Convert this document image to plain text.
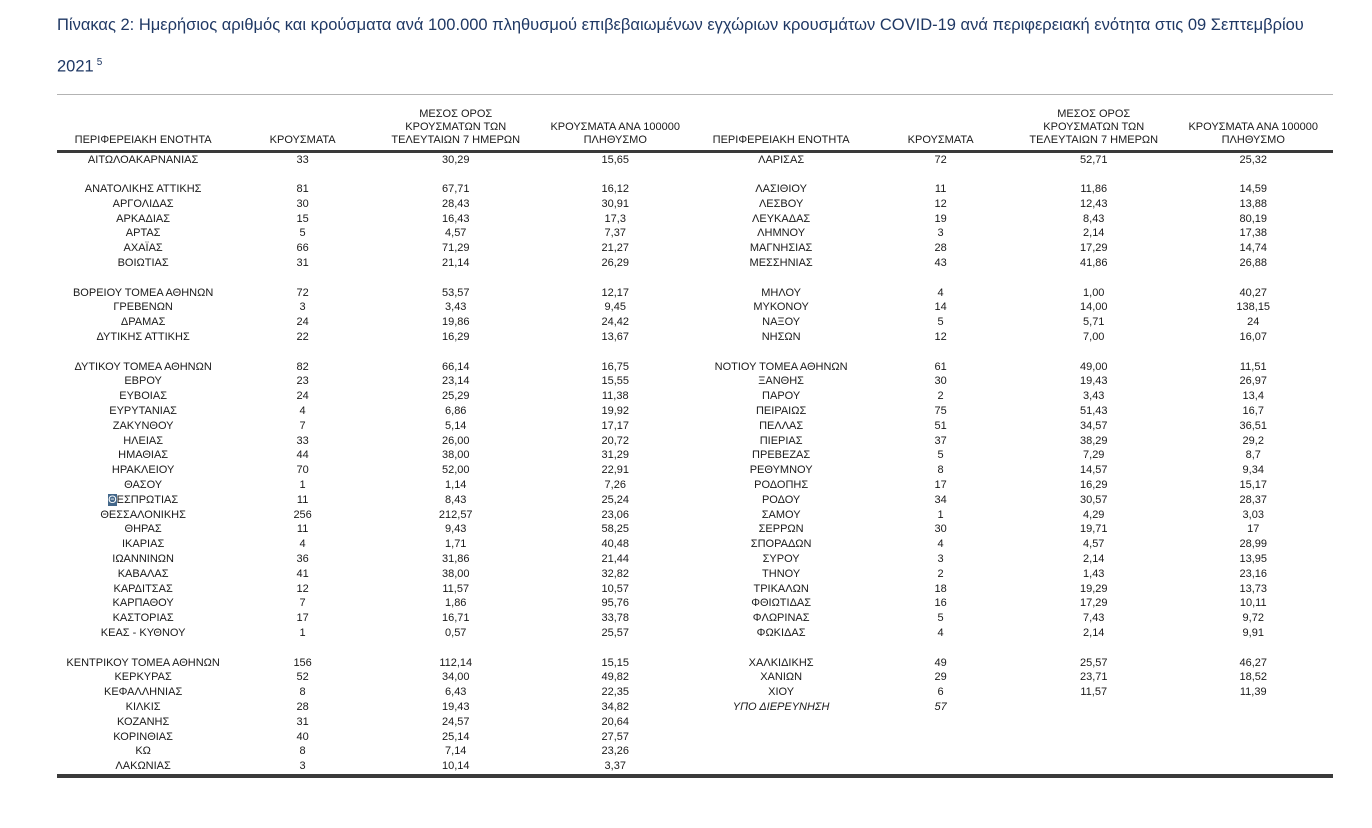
Πίνακας 2: Ημερήσιος αριθμός και κρούσματα ανά 100.000 πληθυσμού επιβεβαιωμένων εγχώριων κρουσμάτων COVID-19 ανά περιφερειακή ενότητα στις 09 Σεπτεμβρίου 2021 $^5$
ΠΕΡΙΦΕΡΕΙΑΚΗ ΕΝΟΤΗΤΑ	ΚΡΟΥΣΜΑΤΑ	ΜΕΣΟΣ ΟΡΟΣ ΚΡΟΥΣΜΑΤΩΝ ΤΩΝ ΤΕΛΕΥΤΑΙΩΝ 7 ΗΜΕΡΩΝ	ΚΡΟΥΣΜΑΤΑ ΑΝΑ 100000 ΠΛΗΘΥΣΜΟ
ΑΙΤΩΛΟΑΚΑΡΝΑΝΙΑΣ	33	30,29	15,65

ΑΝΑΤΟΛΙΚΗΣ ΑΤΤΙΚΗΣ	81	67,71	16,12
ΑΡΓΟΛΙΔΑΣ	30	28,43	30,91
ΑΡΚΑΔΙΑΣ	15	16,43	17,3
ΑΡΤΑΣ	5	4,57	7,37
ΑΧΑΪΑΣ	66	71,29	21,27
ΒΟΙΩΤΙΑΣ	31	21,14	26,29

ΒΟΡΕΙΟΥ ΤΟΜΕΑ ΑΘΗΝΩΝ	72	53,57	12,17
ΓΡΕΒΕΝΩΝ	3	3,43	9,45
ΔΡΑΜΑΣ	24	19,86	24,42
ΔΥΤΙΚΗΣ ΑΤΤΙΚΗΣ	22	16,29	13,67

ΔΥΤΙΚΟΥ ΤΟΜΕΑ ΑΘΗΝΩΝ	82	66,14	16,75
ΕΒΡΟΥ	23	23,14	15,55
ΕΥΒΟΙΑΣ	24	25,29	11,38
ΕΥΡΥΤΑΝΙΑΣ	4	6,86	19,92
ΖΑΚΥΝΘΟΥ	7	5,14	17,17
ΗΛΕΙΑΣ	33	26,00	20,72
ΗΜΑΘΙΑΣ	44	38,00	31,29
ΗΡΑΚΛΕΙΟΥ	70	52,00	22,91
ΘΑΣΟΥ	1	1,14	7,26
ΘΕΣΠΡΩΤΙΑΣ	11	8,43	25,24
ΘΕΣΣΑΛΟΝΙΚΗΣ	256	212,57	23,06
ΘΗΡΑΣ	11	9,43	58,25
ΙΚΑΡΙΑΣ	4	1,71	40,48
ΙΩΑΝΝΙΝΩΝ	36	31,86	21,44
ΚΑΒΑΛΑΣ	41	38,00	32,82
ΚΑΡΔΙΤΣΑΣ	12	11,57	10,57
ΚΑΡΠΑΘΟΥ	7	1,86	95,76
ΚΑΣΤΟΡΙΑΣ	17	16,71	33,78
ΚΕΑΣ - ΚΥΘΝΟΥ	1	0,57	25,57

ΚΕΝΤΡΙΚΟΥ ΤΟΜΕΑ ΑΘΗΝΩΝ	156	112,14	15,15
ΚΕΡΚΥΡΑΣ	52	34,00	49,82
ΚΕΦΑΛΛΗΝΙΑΣ	8	6,43	22,35
ΚΙΛΚΙΣ	28	19,43	34,82
ΚΟΖΑΝΗΣ	31	24,57	20,64
ΚΟΡΙΝΘΙΑΣ	40	25,14	27,57
ΚΩ	8	7,14	23,26
ΛΑΚΩΝΙΑΣ	3	10,14	3,37
ΠΕΡΙΦΕΡΕΙΑΚΗ ΕΝΟΤΗΤΑ	ΚΡΟΥΣΜΑΤΑ	ΜΕΣΟΣ ΟΡΟΣ ΚΡΟΥΣΜΑΤΩΝ ΤΩΝ ΤΕΛΕΥΤΑΙΩΝ 7 ΗΜΕΡΩΝ	ΚΡΟΥΣΜΑΤΑ ΑΝΑ 100000 ΠΛΗΘΥΣΜΟ
ΛΑΡΙΣΑΣ	72	52,71	25,32

ΛΑΣΙΘΙΟΥ	11	11,86	14,59
ΛΕΣΒΟΥ	12	12,43	13,88
ΛΕΥΚΑΔΑΣ	19	8,43	80,19
ΛΗΜΝΟΥ	3	2,14	17,38
ΜΑΓΝΗΣΙΑΣ	28	17,29	14,74
ΜΕΣΣΗΝΙΑΣ	43	41,86	26,88

ΜΗΛΟΥ	4	1,00	40,27
ΜΥΚΟΝΟΥ	14	14,00	138,15
ΝΑΞΟΥ	5	5,71	24
ΝΗΣΩΝ	12	7,00	16,07

ΝΟΤΙΟΥ ΤΟΜΕΑ ΑΘΗΝΩΝ	61	49,00	11,51
ΞΑΝΘΗΣ	30	19,43	26,97
ΠΑΡΟΥ	2	3,43	13,4
ΠΕΙΡΑΙΩΣ	75	51,43	16,7
ΠΕΛΛΑΣ	51	34,57	36,51
ΠΙΕΡΙΑΣ	37	38,29	29,2
ΠΡΕΒΕΖΑΣ	5	7,29	8,7
ΡΕΘΥΜΝΟΥ	8	14,57	9,34
ΡΟΔΟΠΗΣ	17	16,29	15,17
ΡΟΔΟΥ	34	30,57	28,37
ΣΑΜΟΥ	1	4,29	3,03
ΣΕΡΡΩΝ	30	19,71	17
ΣΠΟΡΑΔΩΝ	4	4,57	28,99
ΣΥΡΟΥ	3	2,14	13,95
ΤΗΝΟΥ	2	1,43	23,16
ΤΡΙΚΑΛΩΝ	18	19,29	13,73
ΦΘΙΩΤΙΔΑΣ	16	17,29	10,11
ΦΛΩΡΙΝΑΣ	5	7,43	9,72
ΦΩΚΙΔΑΣ	4	2,14	9,91

ΧΑΛΚΙΔΙΚΗΣ	49	25,57	46,27
ΧΑΝΙΩΝ	29	23,71	18,52
ΧΙΟΥ	6	11,57	11,39
ΥΠΟ ΔΙΕΡΕΥΝΗΣΗ	57		
